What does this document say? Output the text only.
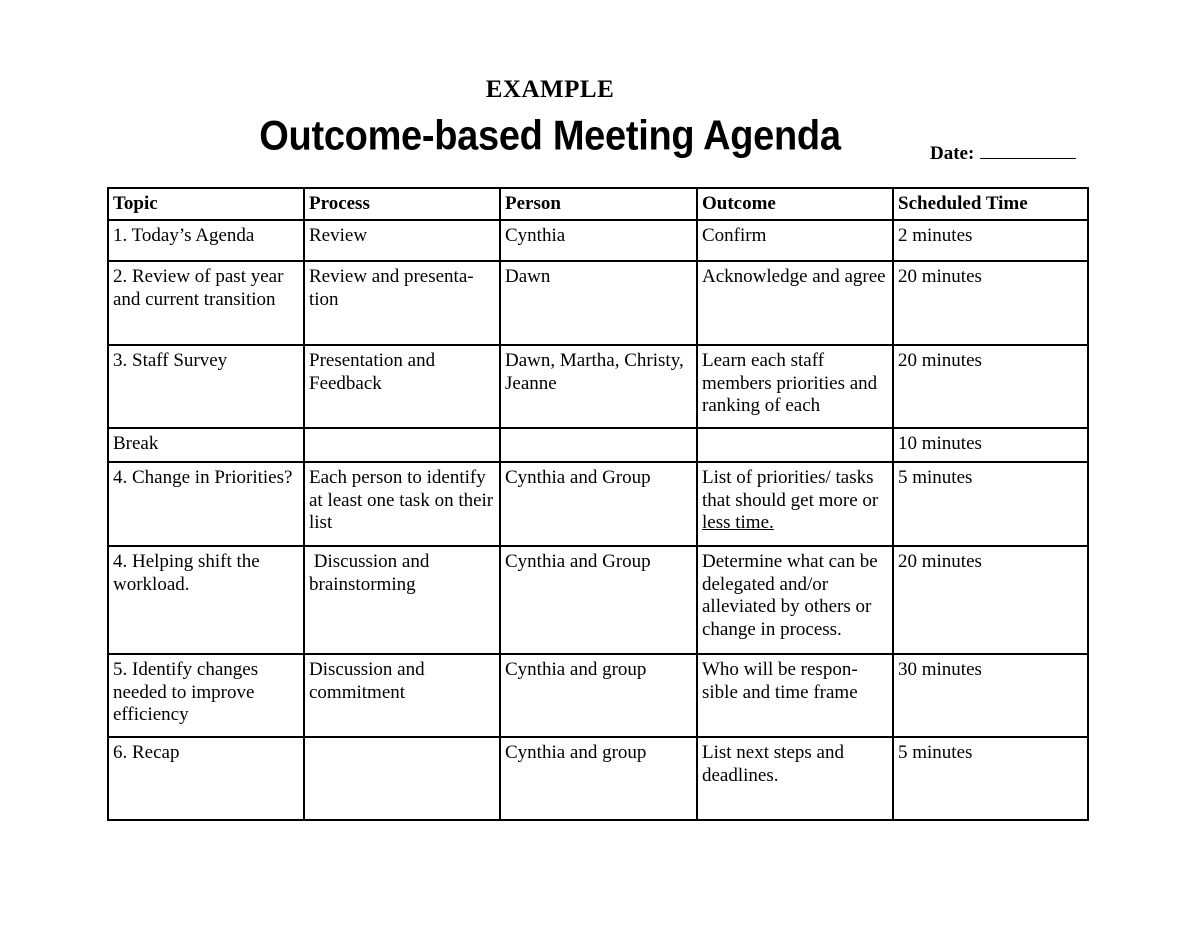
EXAMPLE
Outcome-based Meeting Agenda	Date:
Topic	Process	Person	Outcome	Scheduled Time
1. Today’s Agenda	Review	Cynthia	Confirm	2 minutes
2. Review of past year and current transition	Review and presenta-tion	Dawn	Acknowledge and agree	20 minutes
3. Staff Survey	Presentation and Feedback	Dawn, Martha, Christy, Jeanne	Learn each staff members priorities and ranking of each	20 minutes
Break				10 minutes
4. Change in Priorities?	Each person to identify at least one task on their list	Cynthia and Group	List of priorities/ tasks that should get more or less time.	5 minutes
4. Helping shift the workload.	Discussion and brainstorming	Cynthia and Group	Determine what can be delegated and/or alleviated by others or change in process.	20 minutes
5. Identify changes needed to improve efficiency	Discussion and commitment	Cynthia and group	Who will be respon-sible and time frame	30 minutes
6. Recap		Cynthia and group	List next steps and deadlines.	5 minutes
